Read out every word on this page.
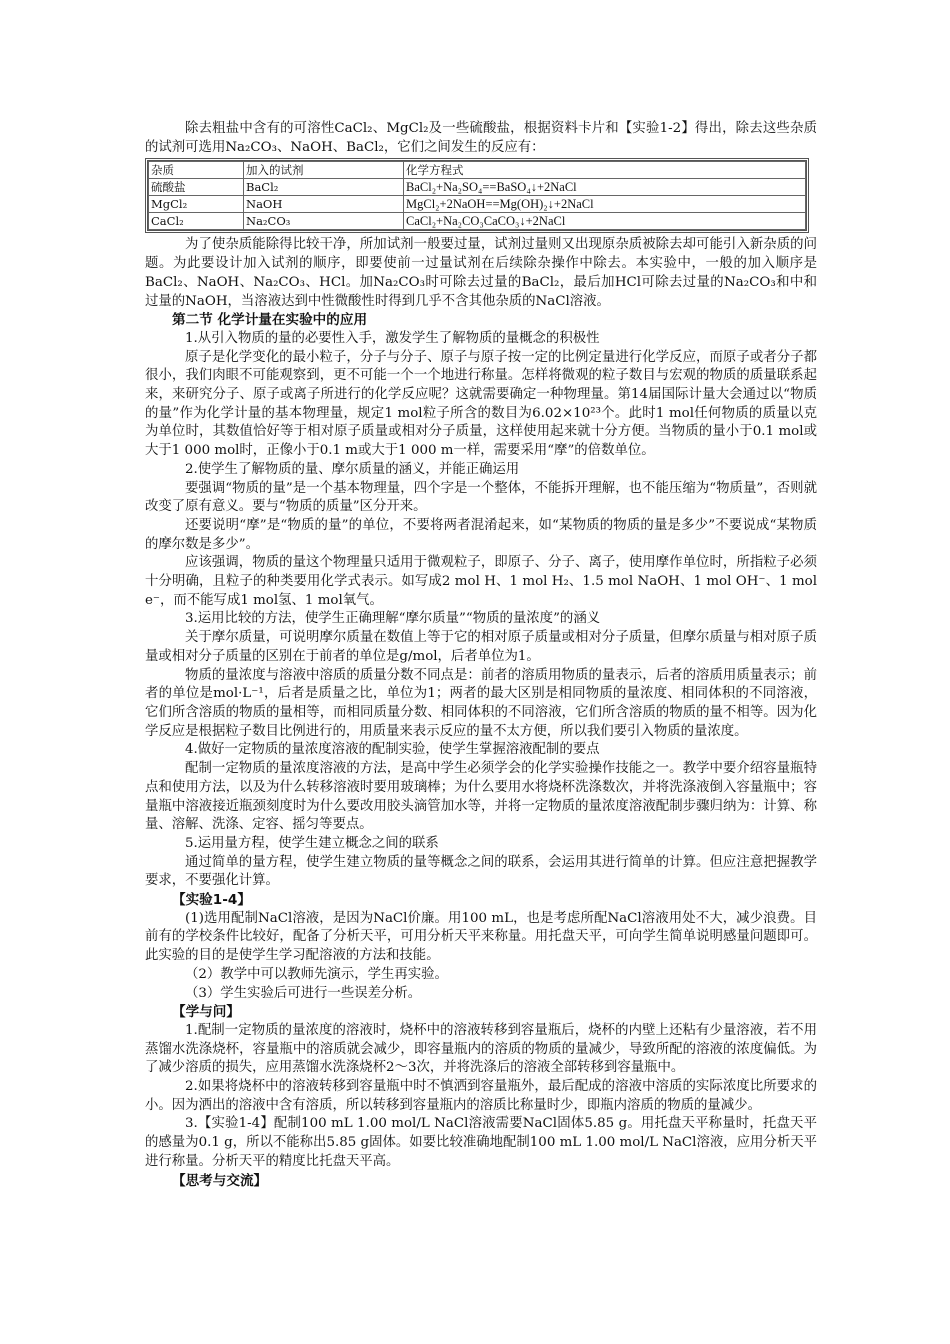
除去粗盐中含有的可溶性CaCl₂、MgCl₂及一些硫酸盐，根据资料卡片和【实验1-2】得出，除去这些杂质的试剂可选用Na₂CO₃、NaOH、BaCl₂，它们之间发生的反应有：

杂质	加入的试剂	化学方程式
硫酸盐	BaCl₂	BaCl₂+Na₂SO₄==BaSO₄↓+2NaCl
MgCl₂	NaOH	MgCl₂+2NaOH==Mg(OH)₂↓+2NaCl
CaCl₂	Na₂CO₃	CaCl₂+Na₂CO₃CaCO₃↓+2NaCl

为了使杂质能除得比较干净，所加试剂一般要过量，试剂过量则又出现原杂质被除去却可能引入新杂质的问题。为此要设计加入试剂的顺序，即要使前一过量试剂在后续除杂操作中除去。本实验中，一般的加入顺序是BaCl₂、NaOH、Na₂CO₃、HCl。加Na₂CO₃时可除去过量的BaCl₂，最后加HCl可除去过量的Na₂CO₃和中和过量的NaOH，当溶液达到中性微酸性时得到几乎不含其他杂质的NaCl溶液。

第二节 化学计量在实验中的应用

1.从引入物质的量的必要性入手，激发学生了解物质的量概念的积极性

原子是化学变化的最小粒子，分子与分子、原子与原子按一定的比例定量进行化学反应，而原子或者分子都很小，我们肉眼不可能观察到，更不可能一个一个地进行称量。怎样将微观的粒子数目与宏观的物质的质量联系起来，来研究分子、原子或离子所进行的化学反应呢？这就需要确定一种物理量。第14届国际计量大会通过以“物质的量”作为化学计量的基本物理量，规定1 mol粒子所含的数目为6.02×10²³个。此时1 mol任何物质的质量以克为单位时，其数值恰好等于相对原子质量或相对分子质量，这样使用起来就十分方便。当物质的量小于0.1 mol或大于1 000 mol时，正像小于0.1 m或大于1 000 m一样，需要采用“摩”的倍数单位。

2.使学生了解物质的量、摩尔质量的涵义，并能正确运用

要强调“物质的量”是一个基本物理量，四个字是一个整体，不能拆开理解，也不能压缩为“物质量”，否则就改变了原有意义。要与“物质的质量”区分开来。

还要说明“摩”是“物质的量”的单位，不要将两者混淆起来，如“某物质的物质的量是多少”不要说成“某物质的摩尔数是多少”。

应该强调，物质的量这个物理量只适用于微观粒子，即原子、分子、离子，使用摩作单位时，所指粒子必须十分明确，且粒子的种类要用化学式表示。如写成2 mol H、1 mol H₂、1.5 mol NaOH、1 mol OH⁻、1 mol e⁻，而不能写成1 mol氢、1 mol氧气。

3.运用比较的方法，使学生正确理解“摩尔质量”“物质的量浓度”的涵义

关于摩尔质量，可说明摩尔质量在数值上等于它的相对原子质量或相对分子质量，但摩尔质量与相对原子质量或相对分子质量的区别在于前者的单位是g/mol，后者单位为1。

物质的量浓度与溶液中溶质的质量分数不同点是：前者的溶质用物质的量表示，后者的溶质用质量表示；前者的单位是mol·L⁻¹，后者是质量之比，单位为1；两者的最大区别是相同物质的量浓度、相同体积的不同溶液，它们所含溶质的物质的量相等，而相同质量分数、相同体积的不同溶液，它们所含溶质的物质的量不相等。因为化学反应是根据粒子数目比例进行的，用质量来表示反应的量不太方便，所以我们要引入物质的量浓度。

4.做好一定物质的量浓度溶液的配制实验，使学生掌握溶液配制的要点

配制一定物质的量浓度溶液的方法，是高中学生必须学会的化学实验操作技能之一。教学中要介绍容量瓶特点和使用方法，以及为什么转移溶液时要用玻璃棒；为什么要用水将烧杯洗涤数次，并将洗涤液倒入容量瓶中；容量瓶中溶液接近瓶颈刻度时为什么要改用胶头滴管加水等，并将一定物质的量浓度溶液配制步骤归纳为：计算、称量、溶解、洗涤、定容、摇匀等要点。

5.运用量方程，使学生建立概念之间的联系

通过简单的量方程，使学生建立物质的量等概念之间的联系，会运用其进行简单的计算。但应注意把握教学要求，不要强化计算。

【实验1-4】

(1)选用配制NaCl溶液，是因为NaCl价廉。用100 mL，也是考虑所配NaCl溶液用处不大，减少浪费。目前有的学校条件比较好，配备了分析天平，可用分析天平来称量。用托盘天平，可向学生简单说明感量问题即可。此实验的目的是使学生学习配溶液的方法和技能。

（2）教学中可以教师先演示，学生再实验。

（3）学生实验后可进行一些误差分析。

【学与问】

1.配制一定物质的量浓度的溶液时，烧杯中的溶液转移到容量瓶后，烧杯的内壁上还粘有少量溶液，若不用蒸馏水洗涤烧杯，容量瓶中的溶质就会减少，即容量瓶内的溶质的物质的量减少，导致所配的溶液的浓度偏低。为了减少溶质的损失，应用蒸馏水洗涤烧杯2～3次，并将洗涤后的溶液全部转移到容量瓶中。

2.如果将烧杯中的溶液转移到容量瓶中时不慎洒到容量瓶外，最后配成的溶液中溶质的实际浓度比所要求的小。因为洒出的溶液中含有溶质，所以转移到容量瓶内的溶质比称量时少，即瓶内溶质的物质的量减少。

3.【实验1-4】配制100 mL 1.00 mol/L NaCl溶液需要NaCl固体5.85 g。用托盘天平称量时，托盘天平的感量为0.1 g，所以不能称出5.85 g固体。如要比较准确地配制100 mL 1.00 mol/L NaCl溶液，应用分析天平进行称量。分析天平的精度比托盘天平高。

【思考与交流】
